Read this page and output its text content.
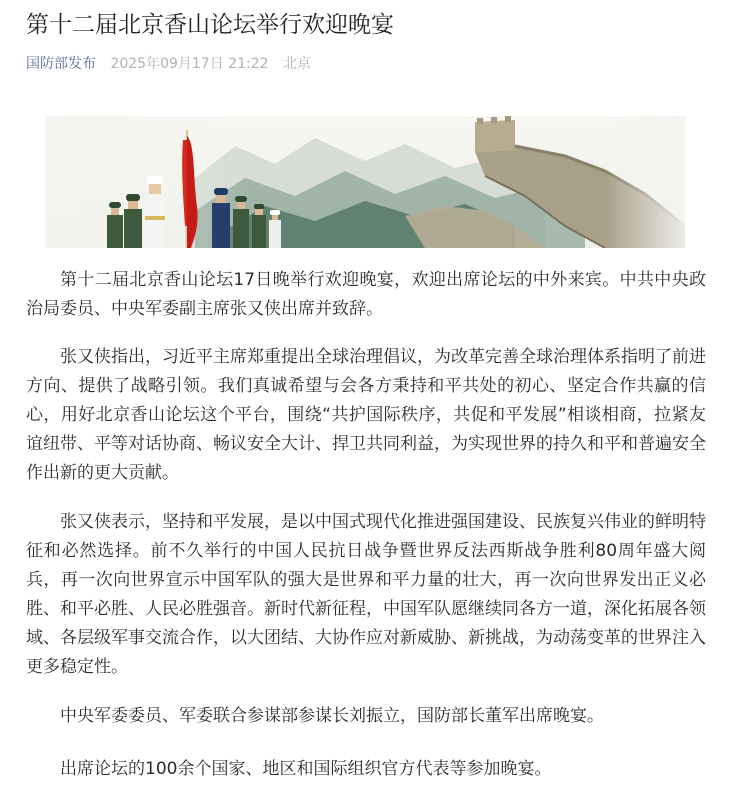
第十二届北京香山论坛举行欢迎晚宴
国防部发布 2025年09月17日 21:22 北京

第十二届北京香山论坛17日晚举行欢迎晚宴，欢迎出席论坛的中外来宾。中共中央政治局委员、中央军委副主席张又侠出席并致辞。

张又侠指出，习近平主席郑重提出全球治理倡议，为改革完善全球治理体系指明了前进方向、提供了战略引领。我们真诚希望与会各方秉持和平共处的初心、坚定合作共赢的信心，用好北京香山论坛这个平台，围绕“共护国际秩序，共促和平发展”相谈相商，拉紧友谊纽带、平等对话协商、畅议安全大计、捍卫共同利益，为实现世界的持久和平和普遍安全作出新的更大贡献。

张又侠表示，坚持和平发展，是以中国式现代化推进强国建设、民族复兴伟业的鲜明特征和必然选择。前不久举行的中国人民抗日战争暨世界反法西斯战争胜利80周年盛大阅兵，再一次向世界宣示中国军队的强大是世界和平力量的壮大，再一次向世界发出正义必胜、和平必胜、人民必胜强音。新时代新征程，中国军队愿继续同各方一道，深化拓展各领域、各层级军事交流合作，以大团结、大协作应对新威胁、新挑战，为动荡变革的世界注入更多稳定性。

中央军委委员、军委联合参谋部参谋长刘振立，国防部长董军出席晚宴。

出席论坛的100余个国家、地区和国际组织官方代表等参加晚宴。
